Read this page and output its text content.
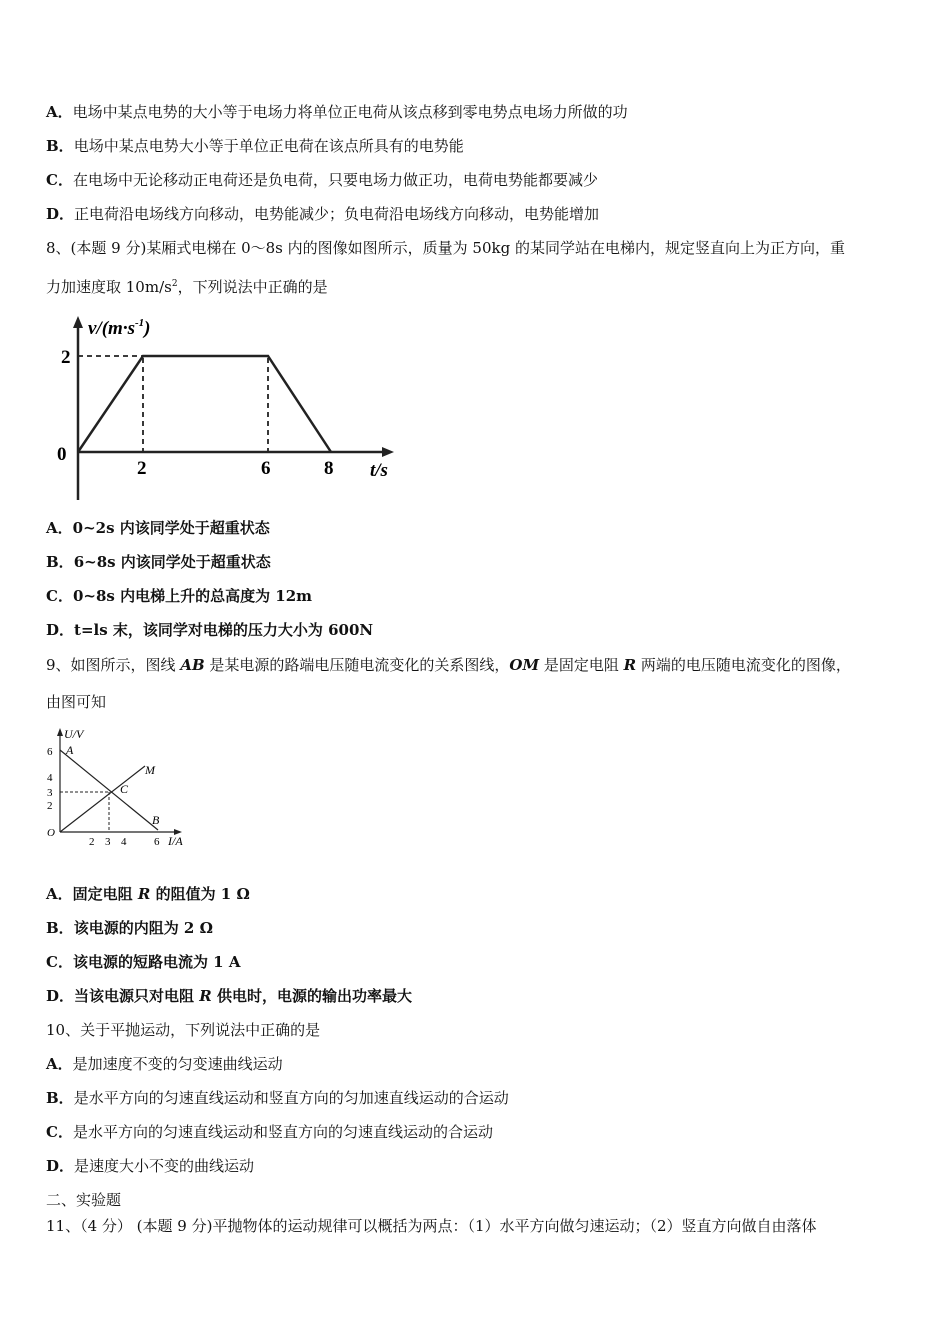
A．电场中某点电势的大小等于电场力将单位正电荷从该点移到零电势点电场力所做的功
B．电场中某点电势大小等于单位正电荷在该点所具有的电势能
C．在电场中无论移动正电荷还是负电荷，只要电场力做正功，电荷电势能都要减少
D．正电荷沿电场线方向移动，电势能减少；负电荷沿电场线方向移动，电势能增加
8、(本题 9 分)某厢式电梯在 0～8s 内的图像如图所示，质量为 50kg 的某同学站在电梯内，规定竖直向上为正方向，重
力加速度取 $10m/s^2$，下列说法中正确的是
$v/(m\cdot s^{-1})$
2
0
2	6	8 t/s
A．0~2s 内该同学处于超重状态
B．6~8s 内该同学处于超重状态
C．0~8s 内电梯上升的总高度为 12m
D．t=ls 末，该同学对电梯的压力大小为 600N
9、如图所示，图线 AB 是某电源的路端电压随电流变化的关系图线，OM 是固定电阻 R 两端的电压随电流变化的图像，
由图可知
U/V
6
4
3
2
O
2 3 4	6 I/A
A
M
C
B
A．固定电阻 R 的阻值为 1 Ω
B．该电源的内阻为 2 Ω
C．该电源的短路电流为 1 A
D．当该电源只对电阻 R 供电时，电源的输出功率最大
10、关于平抛运动，下列说法中正确的是
A．是加速度不变的匀变速曲线运动
B．是水平方向的匀速直线运动和竖直方向的匀加速直线运动的合运动
C．是水平方向的匀速直线运动和竖直方向的匀速直线运动的合运动
D．是速度大小不变的曲线运动
二、实验题
11、（4 分） (本题 9 分)平抛物体的运动规律可以概括为两点：（1）水平方向做匀速运动；（2）竖直方向做自由落体
